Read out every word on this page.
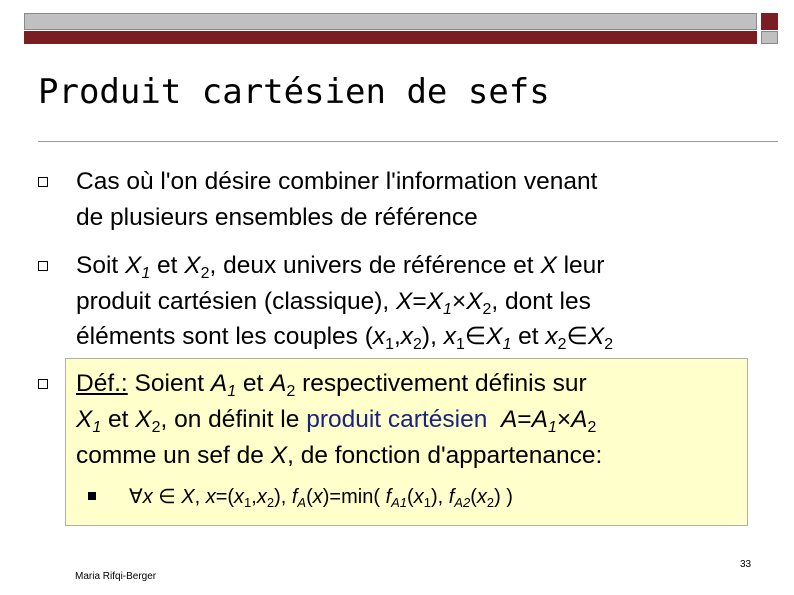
Produit cartésien de sefs
Cas où l'on désire combiner l'information venant
de plusieurs ensembles de référence
Soit $X_1$ et $X_2$, deux univers de référence et X leur
produit cartésien (classique), $X=X_1\times X_2$, dont les
éléments sont les couples $(x_1,x_2)$, $x_1\in X_1$ et $x_2\in X_2$
Déf.: Soient $A_1$ et $A_2$ respectivement définis sur
$X_1$ et $X_2$, on définit le produit cartésien $A=A_1\times A_2$
comme un sef de X, de fonction d'appartenance:
∀x ∈ X, $x=(x_1,x_2)$, $f_A(x)=\min$( $f_{A1}(x_1)$, $f_{A2}(x_2)$ )
Maria Rifqi-Berger
33
